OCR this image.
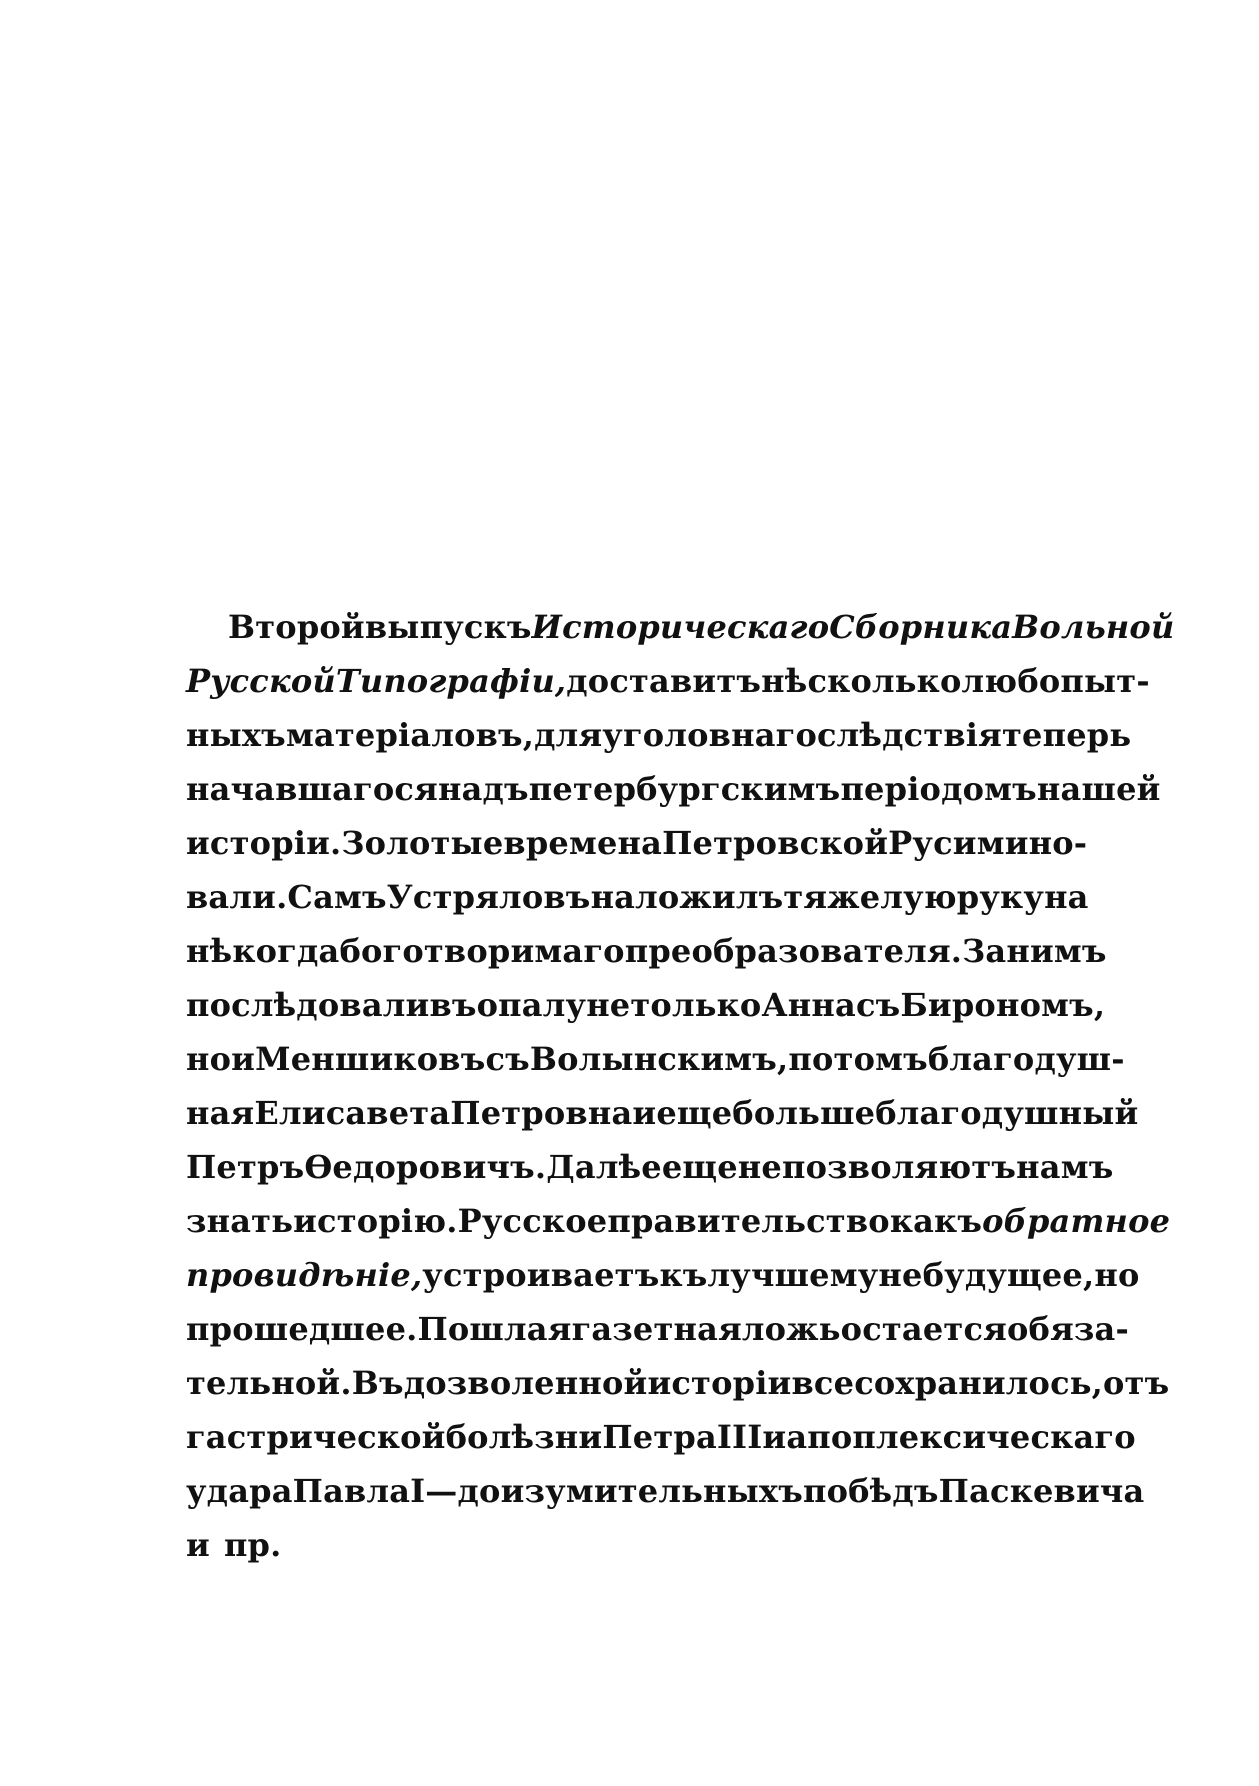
Второй выпускъ Историческаго Сборника Вольной
Русской Типографіи, доставитъ нѣсколько любопыт-
ныхъ матеріаловъ, для уголовнаго слѣдствія теперь
начавшагося надъ петербургскимъ періодомъ нашей
исторіи. Золотые времена Петровской Руси мино-
вали. Самъ Устряловъ наложилъ тяжелую руку на
нѣкогда боготворимаго преобразователя. За нимъ
послѣдовали въ опалу не только Анна съ Бирономъ,
но и Меншиковъ съ Волынскимъ, потомъ благодуш-
ная Елисавета Петровна и еще больше благодушный
Петръ Ѳедоровичъ. Далѣе еще не позволяютъ намъ
знать исторію. Русское правительство какъ обратное
провидѣніе, устроиваетъ къ лучшему не будущее, но
прошедшее. Пошлая газетная ложь остается обяза-
тельной. Въ дозволенной исторіи все сохранилось, отъ
гастрической болѣзни Петра III и апоплексическаго
удара Павла I—до изумительныхъ побѣдъ Паскевича
и пр.
